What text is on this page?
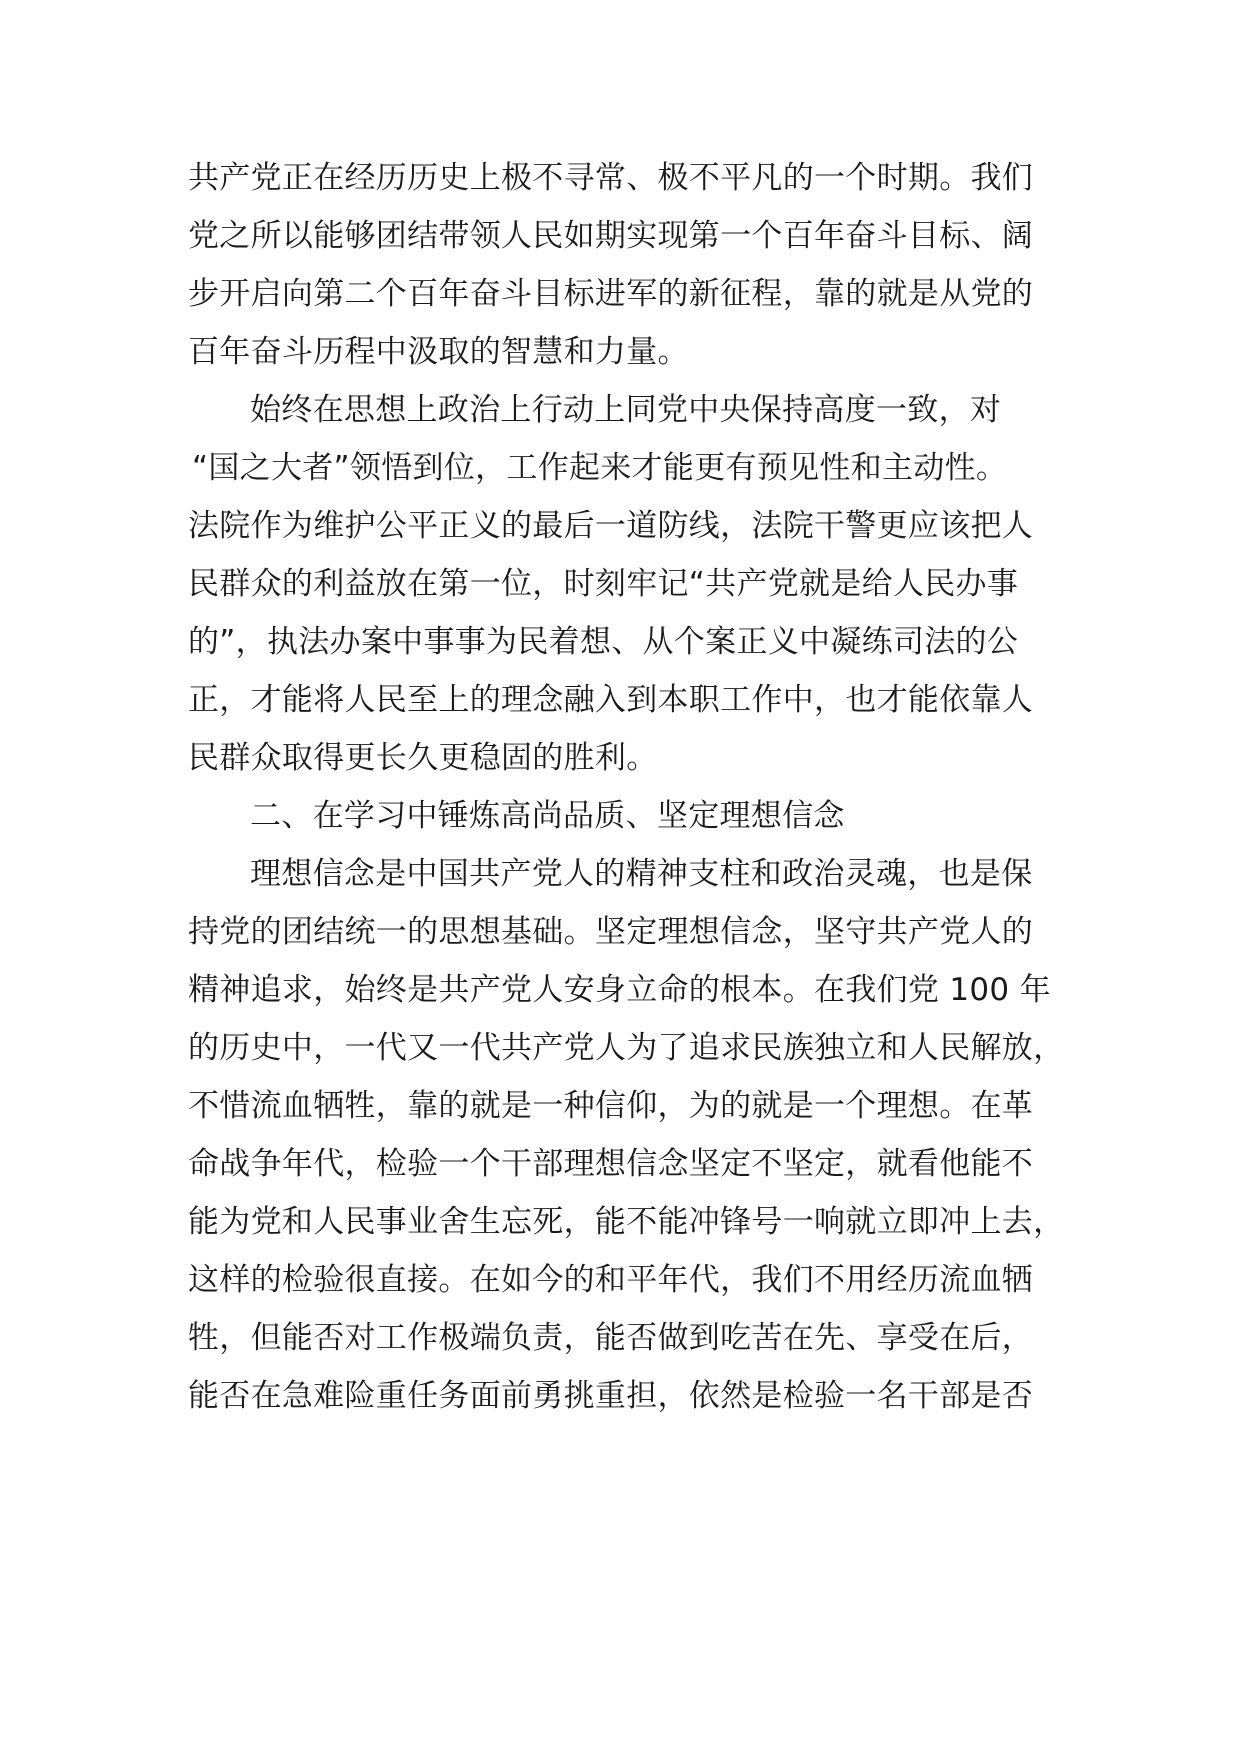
共产党正在经历历史上极不寻常、极不平凡的一个时期。我们
党之所以能够团结带领人民如期实现第一个百年奋斗目标、阔
步开启向第二个百年奋斗目标进军的新征程，靠的就是从党的
百年奋斗历程中汲取的智慧和力量。
始终在思想上政治上行动上同党中央保持高度一致，对
“国之大者”领悟到位，工作起来才能更有预见性和主动性。
法院作为维护公平正义的最后一道防线，法院干警更应该把人
民群众的利益放在第一位，时刻牢记“共产党就是给人民办事
的”，执法办案中事事为民着想、从个案正义中凝练司法的公
正，才能将人民至上的理念融入到本职工作中，也才能依靠人
民群众取得更长久更稳固的胜利。
二、在学习中锤炼高尚品质、坚定理想信念
理想信念是中国共产党人的精神支柱和政治灵魂，也是保
持党的团结统一的思想基础。坚定理想信念，坚守共产党人的
精神追求，始终是共产党人安身立命的根本。在我们党 100 年
的历史中，一代又一代共产党人为了追求民族独立和人民解放，
不惜流血牺牲，靠的就是一种信仰，为的就是一个理想。在革
命战争年代，检验一个干部理想信念坚定不坚定，就看他能不
能为党和人民事业舍生忘死，能不能冲锋号一响就立即冲上去，
这样的检验很直接。在如今的和平年代，我们不用经历流血牺
牲，但能否对工作极端负责，能否做到吃苦在先、享受在后，
能否在急难险重任务面前勇挑重担，依然是检验一名干部是否
